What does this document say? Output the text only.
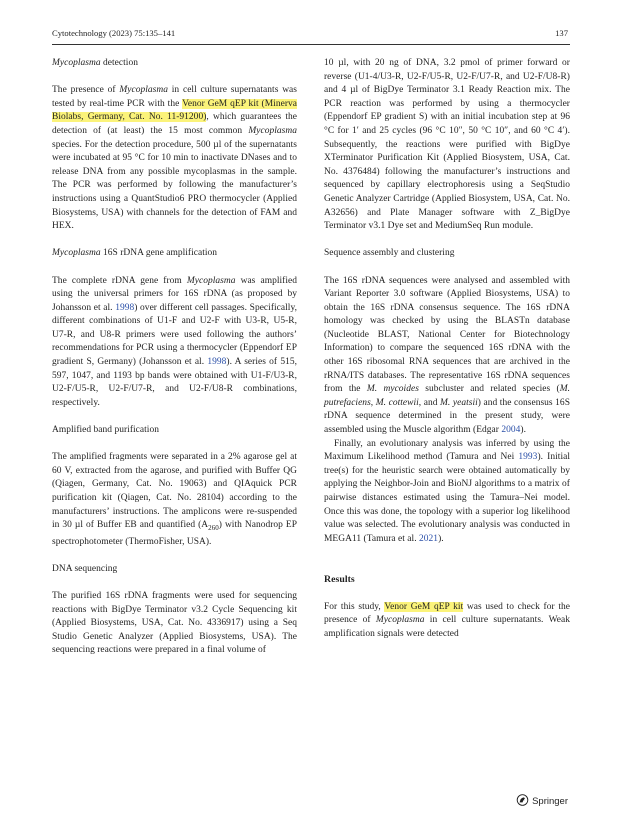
Cytotechnology (2023) 75:135–141	137
Mycoplasma detection

The presence of Mycoplasma in cell culture supernatants was tested by real-time PCR with the Venor GeM qEP kit (Minerva Biolabs, Germany, Cat. No. 11-91200), which guarantees the detection of (at least) the 15 most common Mycoplasma species. For the detection procedure, 500 µl of the supernatants were incubated at 95 °C for 10 min to inactivate DNases and to release DNA from any possible mycoplasmas in the sample. The PCR was performed by following the manufacturer’s instructions using a QuantStudio6 PRO thermocycler (Applied Biosystems, USA) with channels for the detection of FAM and HEX.

Mycoplasma 16S rDNA gene amplification

The complete rDNA gene from Mycoplasma was amplified using the universal primers for 16S rDNA (as proposed by Johansson et al. 1998) over different cell passages. Specifically, different combinations of U1-F and U2-F with U3-R, U5-R, U7-R, and U8-R primers were used following the authors’ recommendations for PCR using a thermocycler (Eppendorf EP gradient S, Germany) (Johansson et al. 1998). A series of 515, 597, 1047, and 1193 bp bands were obtained with U1-F/U3-R, U2-F/U5-R, U2-F/U7-R, and U2-F/U8-R combinations, respectively.

Amplified band purification

The amplified fragments were separated in a 2% agarose gel at 60 V, extracted from the agarose, and purified with Buffer QG (Qiagen, Germany, Cat. No. 19063) and QIAquick PCR purification kit (Qiagen, Cat. No. 28104) according to the manufacturers’ instructions. The amplicons were re-suspended in 30 µl of Buffer EB and quantified $(A_{260})$ with Nanodrop EP spectrophotometer (ThermoFisher, USA).

DNA sequencing

The purified 16S rDNA fragments were used for sequencing reactions with BigDye Terminator v3.2 Cycle Sequencing kit (Applied Biosystems, USA, Cat. No. 4336917) using a Seq Studio Genetic Analyzer (Applied Biosystems, USA). The sequencing reactions were prepared in a final volume of

10 µl, with 20 ng of DNA, 3.2 pmol of primer forward or reverse (U1-4/U3-R, U2-F/U5-R, U2-F/U7-R, and U2-F/U8-R) and 4 µl of BigDye Terminator 3.1 Ready Reaction mix. The PCR reaction was performed by using a thermocycler (Eppendorf EP gradient S) with an initial incubation step at 96 °C for 1′ and 25 cycles (96 °C 10″, 50 °C 10″, and 60 °C 4′). Subsequently, the reactions were purified with BigDye XTerminator Purification Kit (Applied Biosystem, USA, Cat. No. 4376484) following the manufacturer’s instructions and sequenced by capillary electrophoresis using a SeqStudio Genetic Analyzer Cartridge (Applied Biosystem, USA, Cat. No. A32656) and Plate Manager software with Z_BigDye Terminator v3.1 Dye set and MediumSeq Run module.

Sequence assembly and clustering

The 16S rDNA sequences were analysed and assembled with Variant Reporter 3.0 software (Applied Biosystems, USA) to obtain the 16S rDNA consensus sequence. The 16S rDNA homology was checked by using the BLASTn database (Nucleotide BLAST, National Center for Biotechnology Information) to compare the sequenced 16S rDNA with the other 16S ribosomal RNA sequences that are archived in the rRNA/ITS databases. The representative 16S rDNA sequences from the M. mycoides subcluster and related species (M. putrefaciens, M. cottewii, and M. yeatsii) and the consensus 16S rDNA sequence determined in the present study, were assembled using the Muscle algorithm (Edgar 2004).

Finally, an evolutionary analysis was inferred by using the Maximum Likelihood method (Tamura and Nei 1993). Initial tree(s) for the heuristic search were obtained automatically by applying the Neighbor-Join and BioNJ algorithms to a matrix of pairwise distances estimated using the Tamura–Nei model. Once this was done, the topology with a superior log likelihood value was selected. The evolutionary analysis was conducted in MEGA11 (Tamura et al. 2021).

Results

For this study, Venor GeM qEP kit was used to check for the presence of Mycoplasma in cell culture supernatants. Weak amplification signals were detected

Springer
